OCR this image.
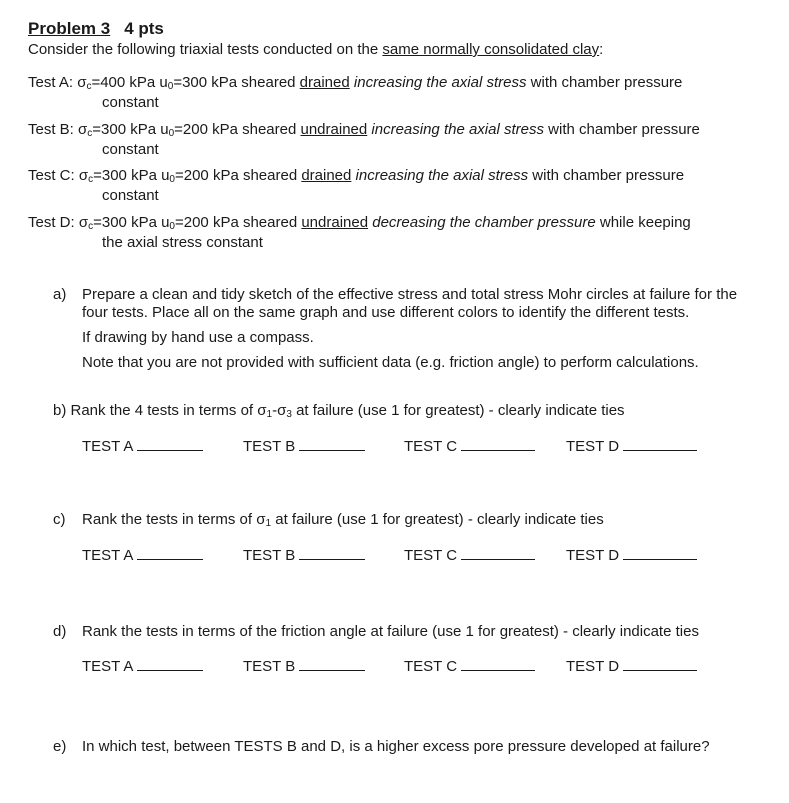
Problem 3 4 pts
Consider the following triaxial tests conducted on the same normally consolidated clay:
Test A: $\sigma_c=400$ kPa $u_0=300$ kPa sheared drained increasing the axial stress with chamber pressure
constant
Test B: $\sigma_c=300$ kPa $u_0=200$ kPa sheared undrained increasing the axial stress with chamber pressure
constant
Test C: $\sigma_c=300$ kPa $u_0=200$ kPa sheared drained increasing the axial stress with chamber pressure
constant
Test D: $\sigma_c=300$ kPa $u_0=200$ kPa sheared undrained decreasing the chamber pressure while keeping
the axial stress constant
a) Prepare a clean and tidy sketch of the effective stress and total stress Mohr circles at failure for the
four tests. Place all on the same graph and use different colors to identify the different tests.
If drawing by hand use a compass.
Note that you are not provided with sufficient data (e.g. friction angle) to perform calculations.
b) Rank the 4 tests in terms of $\sigma_1-\sigma_3$ at failure (use 1 for greatest) - clearly indicate ties
TEST A	TEST B	TEST C	TEST D
c) Rank the tests in terms of $\sigma_1$ at failure (use 1 for greatest) - clearly indicate ties
TEST A	TEST B	TEST C	TEST D
d) Rank the tests in terms of the friction angle at failure (use 1 for greatest) - clearly indicate ties
TEST A	TEST B	TEST C	TEST D
e) In which test, between TESTS B and D, is a higher excess pore pressure developed at failure?
